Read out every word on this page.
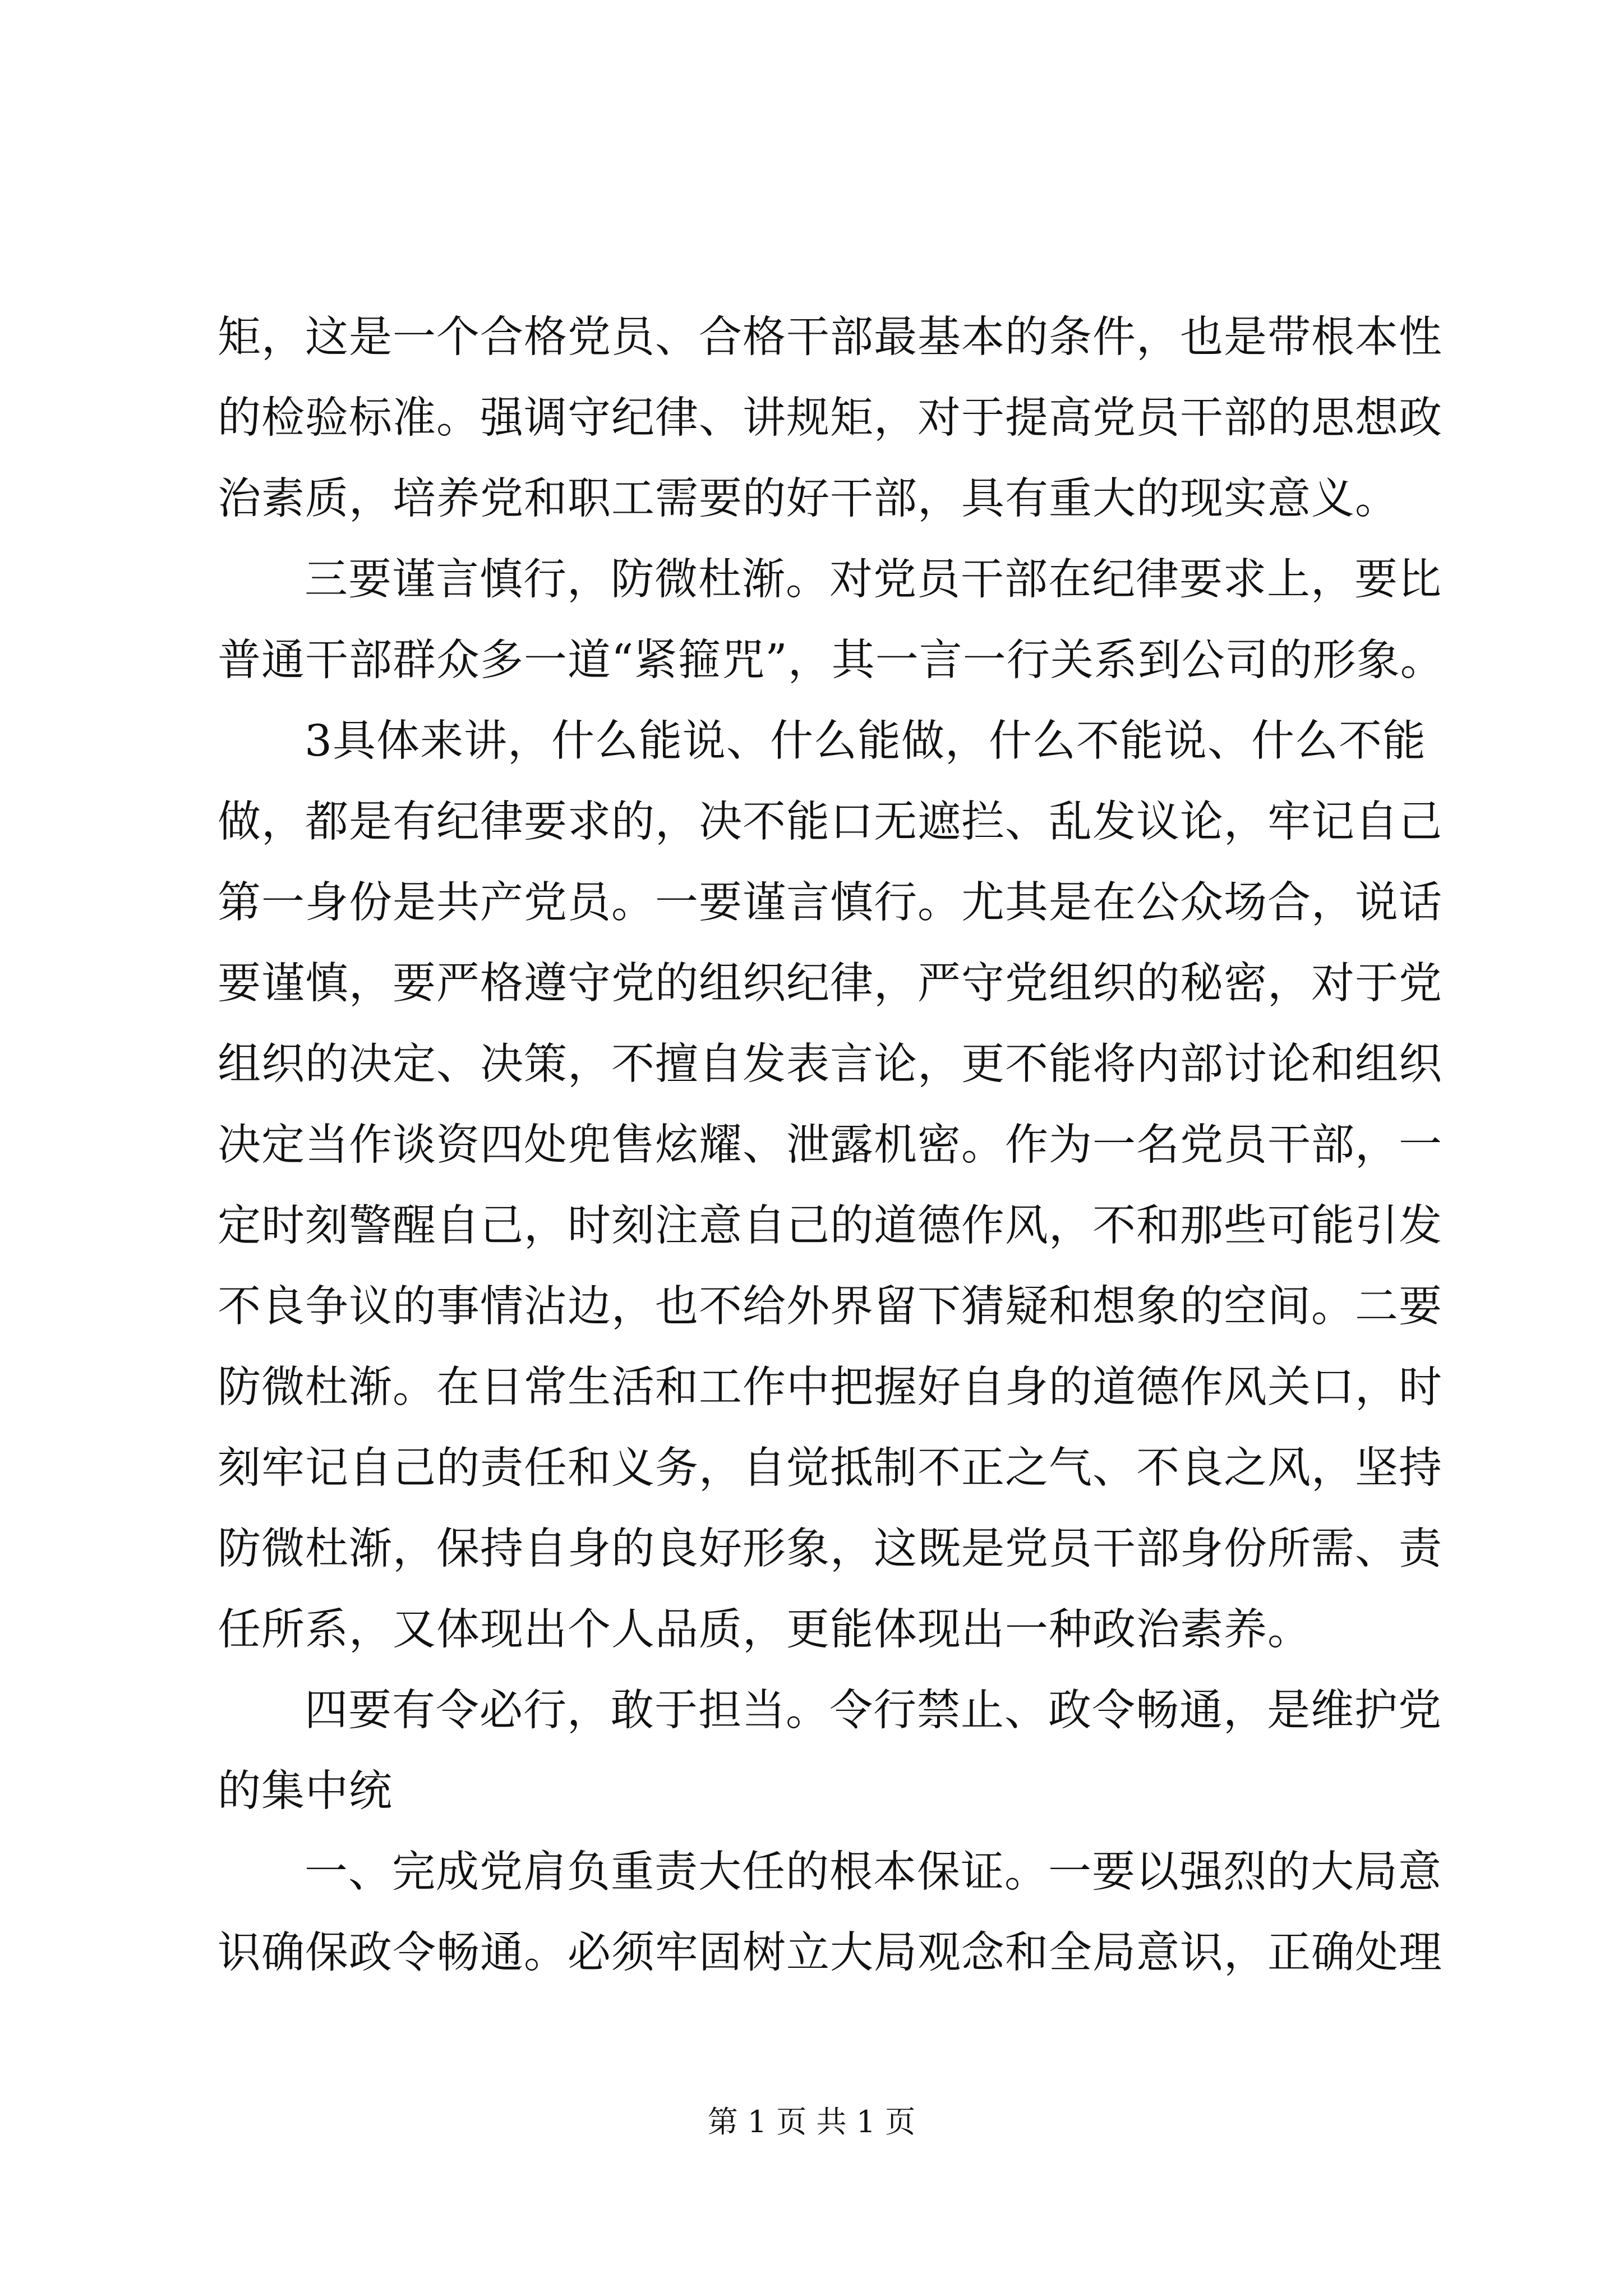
矩，这是一个合格党员、合格干部最基本的条件，也是带根本性
的检验标准。强调守纪律、讲规矩，对于提高党员干部的思想政
治素质，培养党和职工需要的好干部，具有重大的现实意义。
三要谨言慎行，防微杜渐。对党员干部在纪律要求上，要比
普通干部群众多一道“紧箍咒”，其一言一行关系到公司的形象。
3具体来讲，什么能说、什么能做，什么不能说、什么不能
做，都是有纪律要求的，决不能口无遮拦、乱发议论，牢记自己
第一身份是共产党员。一要谨言慎行。尤其是在公众场合，说话
要谨慎，要严格遵守党的组织纪律，严守党组织的秘密，对于党
组织的决定、决策，不擅自发表言论，更不能将内部讨论和组织
决定当作谈资四处兜售炫耀、泄露机密。作为一名党员干部，一
定时刻警醒自己，时刻注意自己的道德作风，不和那些可能引发
不良争议的事情沾边，也不给外界留下猜疑和想象的空间。二要
防微杜渐。在日常生活和工作中把握好自身的道德作风关口，时
刻牢记自己的责任和义务，自觉抵制不正之气、不良之风，坚持
防微杜渐，保持自身的良好形象，这既是党员干部身份所需、责
任所系，又体现出个人品质，更能体现出一种政治素养。
四要有令必行，敢于担当。令行禁止、政令畅通，是维护党
的集中统
一、完成党肩负重责大任的根本保证。一要以强烈的大局意
识确保政令畅通。必须牢固树立大局观念和全局意识，正确处理
第 1 页 共 1 页
